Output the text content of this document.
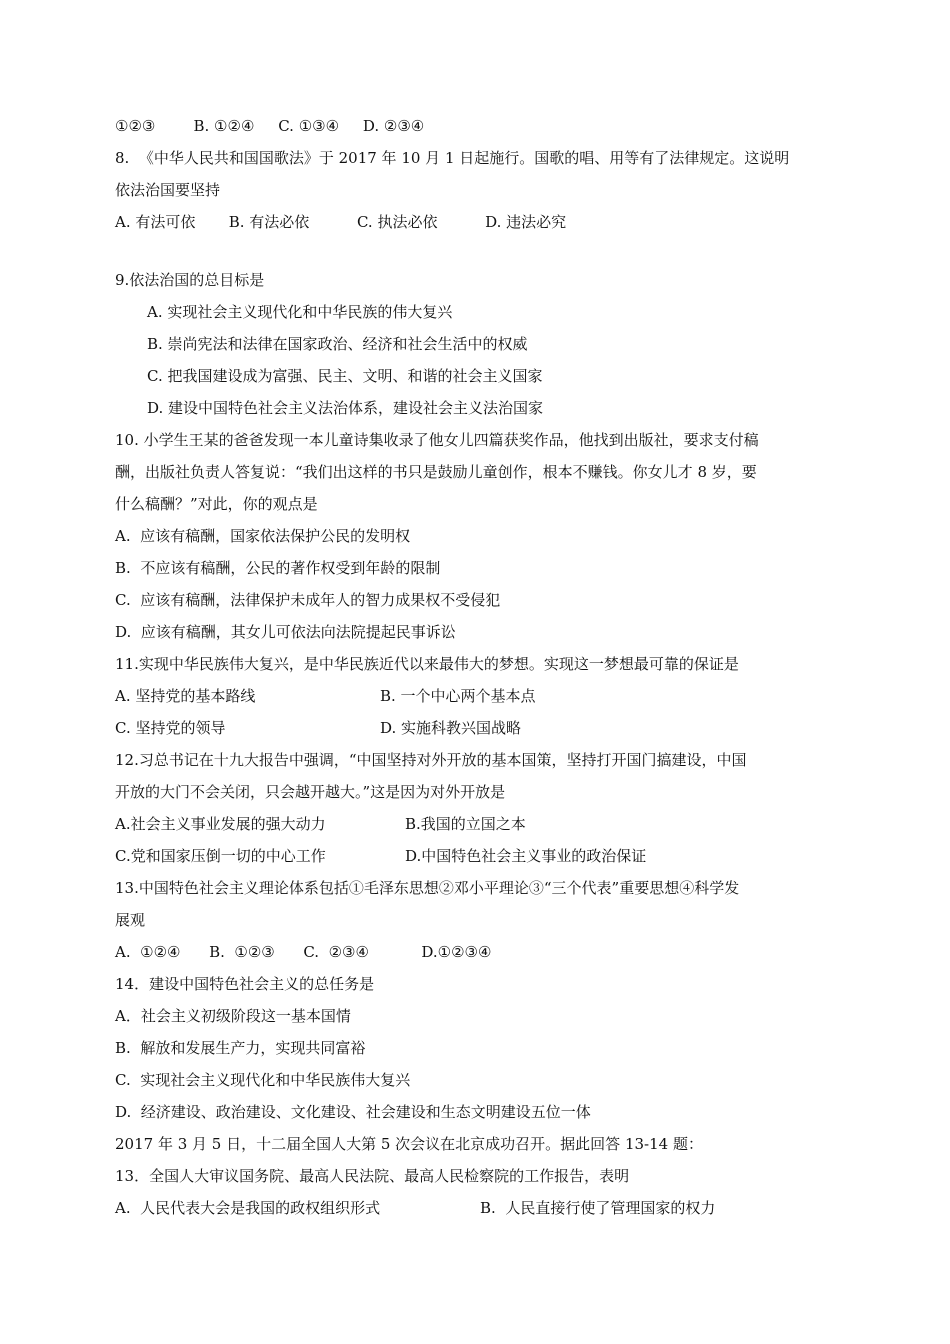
①②③        B. ①②④     C. ①③④     D. ②③④
8.  《中华人民共和国国歌法》于 2017 年 10 月 1 日起施行。国歌的唱、用等有了法律规定。这说明
依法治国要坚持
A. 有法可依       B. 有法必依          C. 执法必依          D. 违法必究
9.依法治国的总目标是
A. 实现社会主义现代化和中华民族的伟大复兴
B. 崇尚宪法和法律在国家政治、经济和社会生活中的权威
C. 把我国建设成为富强、民主、文明、和谐的社会主义国家
D. 建设中国特色社会主义法治体系，建设社会主义法治国家
10. 小学生王某的爸爸发现一本儿童诗集收录了他女儿四篇获奖作品，他找到出版社，要求支付稿
酬，出版社负责人答复说：“我们出这样的书只是鼓励儿童创作，根本不赚钱。你女儿才 8 岁，要
什么稿酬？”对此，你的观点是
A.  应该有稿酬，国家依法保护公民的发明权
B.  不应该有稿酬，公民的著作权受到年龄的限制
C.  应该有稿酬，法律保护未成年人的智力成果权不受侵犯
D.  应该有稿酬，其女儿可依法向法院提起民事诉讼
11.实现中华民族伟大复兴，是中华民族近代以来最伟大的梦想。实现这一梦想最可靠的保证是
A. 坚持党的基本路线	B. 一个中心两个基本点
C. 坚持党的领导	D. 实施科教兴国战略
12.习总书记在十九大报告中强调，“中国坚持对外开放的基本国策，坚持打开国门搞建设，中国
开放的大门不会关闭，只会越开越大。”这是因为对外开放是
A.社会主义事业发展的强大动力	B.我国的立国之本
C.党和国家压倒一切的中心工作	D.中国特色社会主义事业的政治保证
13.中国特色社会主义理论体系包括①毛泽东思想②邓小平理论③“三个代表”重要思想④科学发
展观
A.  ①②④      B.  ①②③      C.  ②③④           D.①②③④
14．建设中国特色社会主义的总任务是
A．社会主义初级阶段这一基本国情
B.  解放和发展生产力，实现共同富裕
C.  实现社会主义现代化和中华民族伟大复兴
D.  经济建设、政治建设、文化建设、社会建设和生态文明建设五位一体
2017 年 3 月 5 日，十二届全国人大第 5 次会议在北京成功召开。据此回答 13-14 题：
13．全国人大审议国务院、最高人民法院、最高人民检察院的工作报告，表明
A.  人民代表大会是我国的政权组织形式	B.  人民直接行使了管理国家的权力
